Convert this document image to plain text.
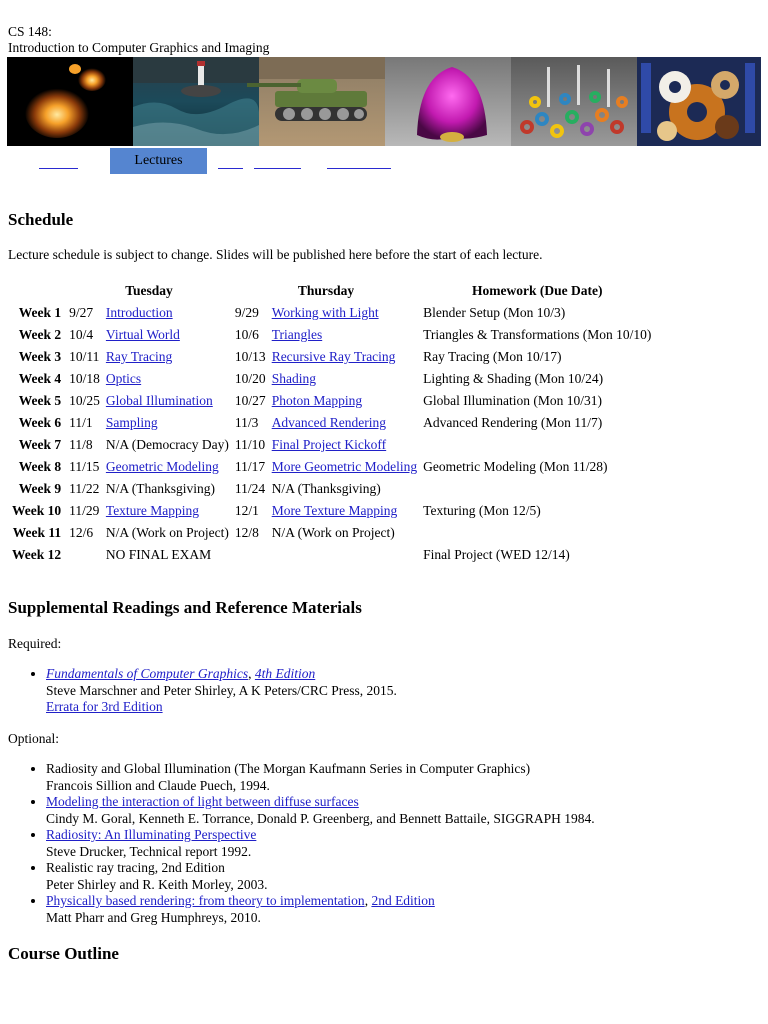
CS 148:
Introduction to Computer Graphics and Imaging
Lectures
Schedule
Lecture schedule is subject to change. Slides will be published here before the start of each lecture.
	Tuesday		Thursday		Homework (Due Date)
Week 1	9/27	Introduction	9/29	Working with Light	Blender Setup (Mon 10/3)
Week 2	10/4	Virtual World	10/6	Triangles	Triangles & Transformations (Mon 10/10)
Week 3	10/11	Ray Tracing	10/13	Recursive Ray Tracing	Ray Tracing (Mon 10/17)
Week 4	10/18	Optics	10/20	Shading	Lighting & Shading (Mon 10/24)
Week 5	10/25	Global Illumination	10/27	Photon Mapping	Global Illumination (Mon 10/31)
Week 6	11/1	Sampling	11/3	Advanced Rendering	Advanced Rendering (Mon 11/7)
Week 7	11/8	N/A (Democracy Day)	11/10	Final Project Kickoff	
Week 8	11/15	Geometric Modeling	11/17	More Geometric Modeling	Geometric Modeling (Mon 11/28)
Week 9	11/22	N/A (Thanksgiving)	11/24	N/A (Thanksgiving)	
Week 10	11/29	Texture Mapping	12/1	More Texture Mapping	Texturing (Mon 12/5)
Week 11	12/6	N/A (Work on Project)	12/8	N/A (Work on Project)	
Week 12		NO FINAL EXAM			Final Project (WED 12/14)
Supplemental Readings and Reference Materials
Required:
• Fundamentals of Computer Graphics, 4th Edition
Steve Marschner and Peter Shirley, A K Peters/CRC Press, 2015.
Errata for 3rd Edition
Optional:
• Radiosity and Global Illumination (The Morgan Kaufmann Series in Computer Graphics)
Francois Sillion and Claude Puech, 1994.
• Modeling the interaction of light between diffuse surfaces
Cindy M. Goral, Kenneth E. Torrance, Donald P. Greenberg, and Bennett Battaile, SIGGRAPH 1984.
• Radiosity: An Illuminating Perspective
Steve Drucker, Technical report 1992.
• Realistic ray tracing, 2nd Edition
Peter Shirley and R. Keith Morley, 2003.
• Physically based rendering: from theory to implementation, 2nd Edition
Matt Pharr and Greg Humphreys, 2010.
Course Outline
